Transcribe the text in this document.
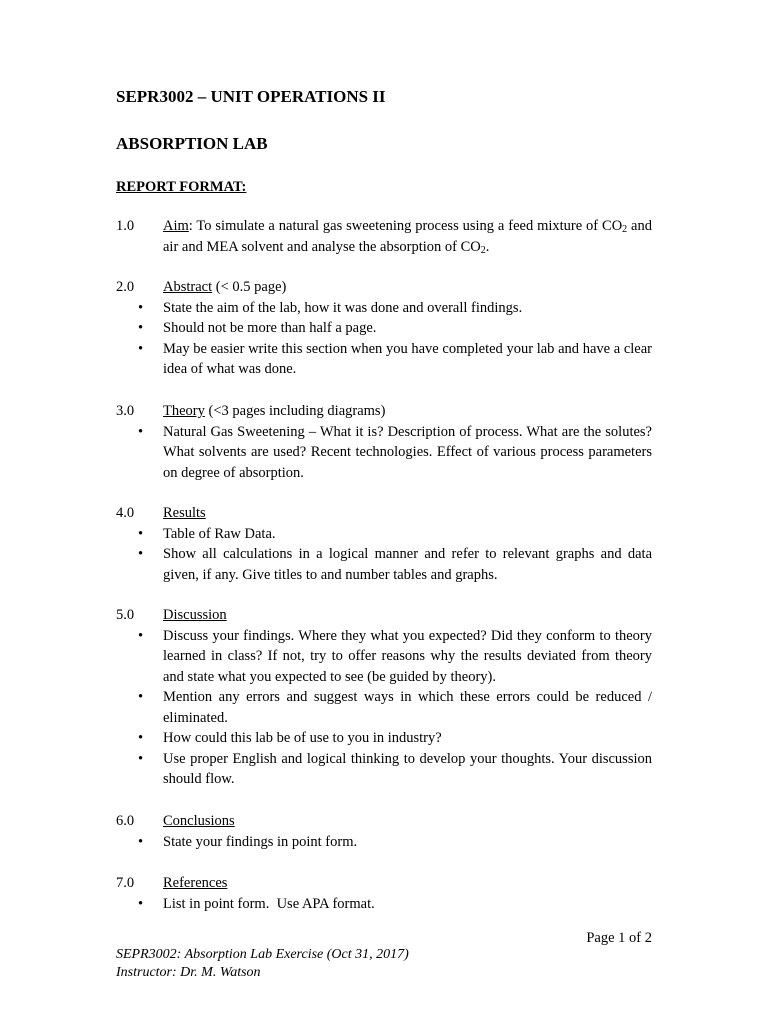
SEPR3002 – UNIT OPERATIONS II
ABSORPTION LAB
REPORT FORMAT:
1.0	Aim: To simulate a natural gas sweetening process using a feed mixture of $CO_2$ and air and MEA solvent and analyse the absorption of $CO_2$.
2.0 Abstract (< 0.5 page)
• State the aim of the lab, how it was done and overall findings.
• Should not be more than half a page.
• May be easier write this section when you have completed your lab and have a clear idea of what was done.
3.0 Theory (<3 pages including diagrams)
• Natural Gas Sweetening – What it is? Description of process. What are the solutes? What solvents are used? Recent technologies. Effect of various process parameters on degree of absorption.
4.0 Results
• Table of Raw Data.
• Show all calculations in a logical manner and refer to relevant graphs and data given, if any. Give titles to and number tables and graphs.
5.0 Discussion
• Discuss your findings. Where they what you expected? Did they conform to theory learned in class? If not, try to offer reasons why the results deviated from theory and state what you expected to see (be guided by theory).
• Mention any errors and suggest ways in which these errors could be reduced / eliminated.
• How could this lab be of use to you in industry?
• Use proper English and logical thinking to develop your thoughts. Your discussion should flow.
6.0 Conclusions
• State your findings in point form.
7.0 References
• List in point form.  Use APA format.
Page 1 of 2
SEPR3002: Absorption Lab Exercise (Oct 31, 2017)
Instructor: Dr. M. Watson
